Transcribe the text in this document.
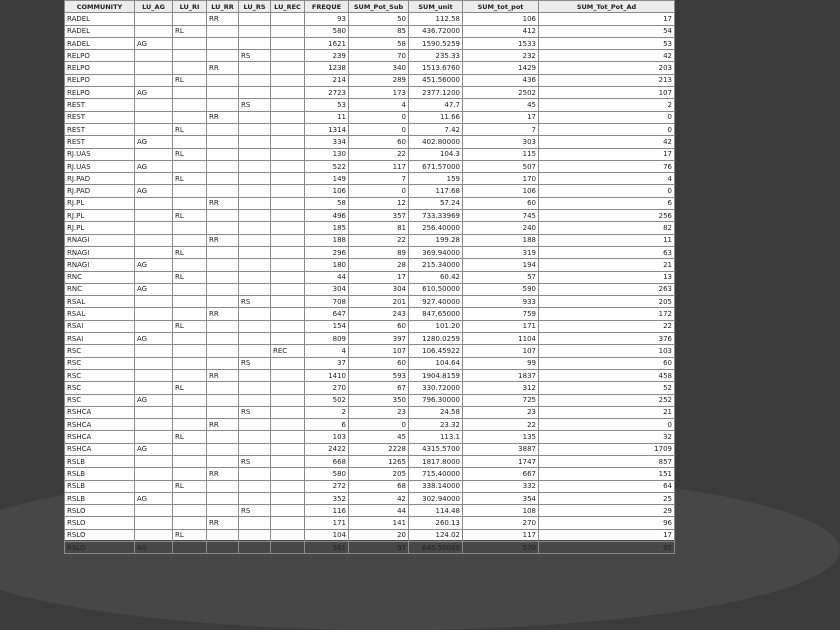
COMMUNITY	LU_AG	LU_RI	LU_RR	LU_RS	LU_REC	FREQUE	SUM_Pot_Sub	SUM_unit	SUM_tot_pot	SUM_Tot_Pot_Ad
RADEL			RR			93	50	112.58	106	17
RADEL		RL				580	85	436.72000	412	54
RADEL	AG					1621	58	1590.5259	1533	53
RELPO				RS		239	70	235.33	232	42
RELPO			RR			1238	340	1513.6760	1429	203
RELPO		RL				214	289	451.56000	436	213
RELPO	AG					2723	173	2377.1200	2502	107
REST				RS		53	4	47.7	45	2
REST			RR			11	0	11.66	17	0
REST		RL				1314	0	7.42	7	0
REST	AG					334	60	402.80000	303	42
RJ.UAS		RL				130	22	104.3	115	17
RJ.UAS	AG					522	117	671.57000	507	76
RJ.PAD		RL				149	7	159	170	4
RJ.PAD	AG					106	0	117.68	106	0
RJ.PL			RR			58	12	57.24	60	6
RJ.PL		RL				496	357	733.33969	745	256
RJ.PL						185	81	256.40000	240	82
RNAGI			RR			188	22	199.28	188	11
RNAGI		RL				296	89	369.94000	319	63
RNAGI	AG					180	28	215.34000	194	21
RNC		RL				44	17	60.42	57	13
RNC	AG					304	304	610.50000	590	263
RSAL				RS		708	201	927.40000	933	205
RSAL			RR			647	243	847.65000	759	172
RSAI		RL				154	60	101.20	171	22
RSAI	AG					809	397	1280.0259	1104	376
RSC					REC	4	107	106.45922	107	103
RSC				RS		37	60	104.64	99	60
RSC			RR			1410	593	1904.8159	1837	458
RSC		RL				270	67	330.72000	312	52
RSC	AG					502	350	796.30000	725	252
RSHCA				RS		2	23	24.58	23	21
RSHCA			RR			6	0	23.32	22	0
RSHCA		RL				103	45	113.1	135	32
RSHCA	AG					2422	2228	4315.5700	3887	1709
RSLB				RS		668	1265	1817.8000	1747	857
RSLB			RR			580	205	715.40000	667	151
RSLB		RL				272	68	338.14000	332	64
RSLB	AG					352	42	302.94000	354	25
RSLO				RS		116	44	114.48	108	29
RSLO			RR			171	141	260.13	270	96
RSLO		RL				104	20	124.02	117	17
RSLO	AG					561	97	645.50000	570	92
